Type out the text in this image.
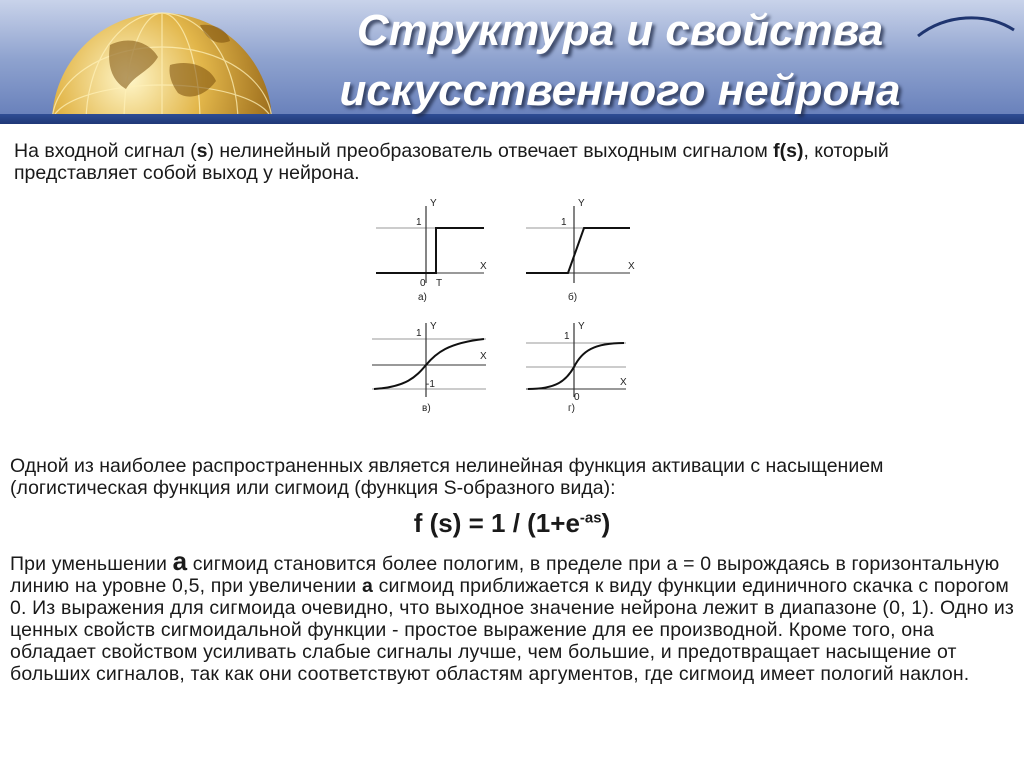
Структура и свойства
искусственного нейрона

На входной сигнал (s) нелинейный преобразователь отвечает выходным сигналом f(s), который представляет собой выход у нейрона.

Y
1
X
0 T
а)
Y
1
X
б)
Y
1
X
-1
в)
Y
1
X
0
г)

Одной из наиболее распространенных является нелинейная функция активации с насыщением (логистическая функция или сигмоид (функция S-образного вида):

f $(s) = 1 / (1+e^{-as})$

При уменьшении a сигмоид становится более пологим, в пределе при а = 0 вырождаясь в горизонтальную линию на уровне 0,5, при увеличении a сигмоид приближается к виду функции единичного скачка с порогом 0. Из выражения для сигмоида очевидно, что выходное значение нейрона лежит в диапазоне (0, 1). Одно из ценных свойств сигмоидальной функции - простое выражение для ее производной. Кроме того, она обладает свойством усиливать слабые сигналы лучше, чем большие, и предотвращает насыщение от больших сигналов, так как они соответствуют областям аргументов, где сигмоид имеет пологий наклон.
